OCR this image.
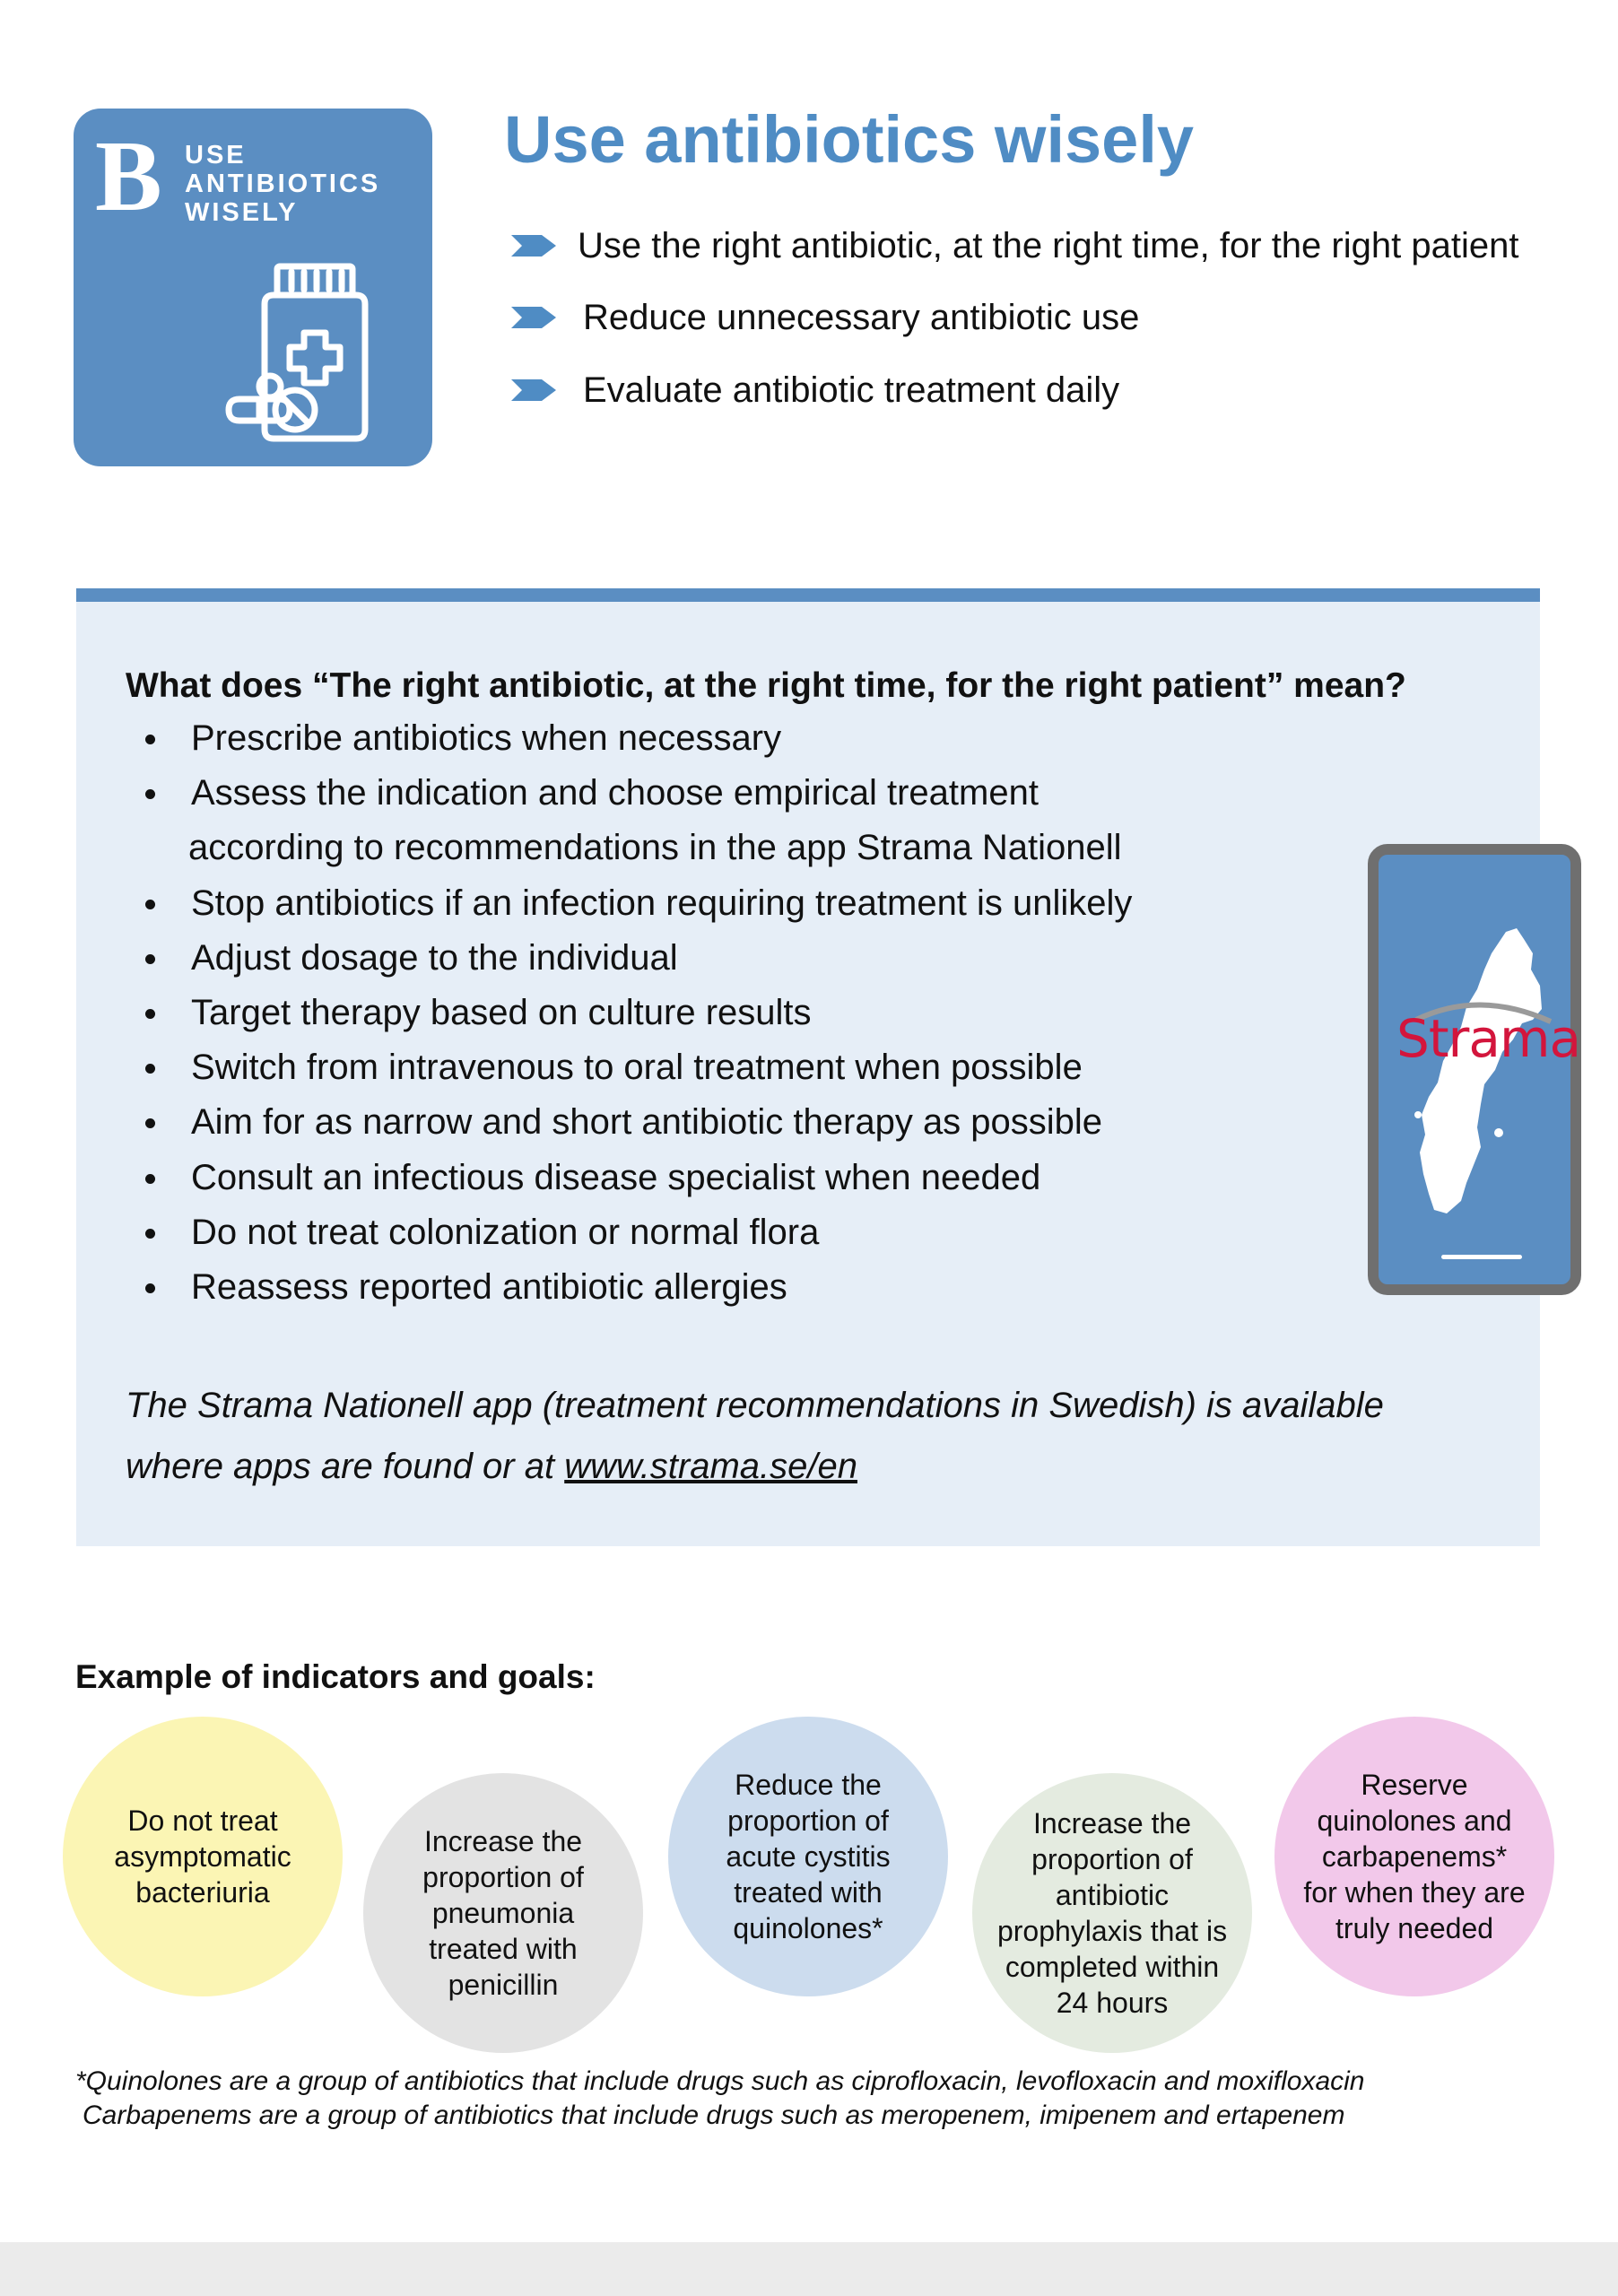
B USE
ANTIBIOTICS
WISELY
Use antibiotics wisely
Use the right antibiotic, at the right time, for the right patient
Reduce unnecessary antibiotic use
Evaluate antibiotic treatment daily
What does “The right antibiotic, at the right time, for the right patient” mean?
Prescribe antibiotics when necessary
Assess the indication and choose empirical treatment
according to recommendations in the app Strama Nationell
Stop antibiotics if an infection requiring treatment is unlikely
Adjust dosage to the individual
Target therapy based on culture results
Switch from intravenous to oral treatment when possible
Aim for as narrow and short antibiotic therapy as possible
Consult an infectious disease specialist when needed
Do not treat colonization or normal flora
Reassess reported antibiotic allergies
The Strama Nationell app (treatment recommendations in Swedish) is available
where apps are found or at www.strama.se/en
Strama
Example of indicators and goals:
Do not treat
asymptomatic
bacteriuria
Increase the
proportion of
pneumonia
treated with
penicillin
Reduce the
proportion of
acute cystitis
treated with
quinolones*
Increase the
proportion of
antibiotic
prophylaxis that is
completed within
24 hours
Reserve
quinolones and
carbapenems*
for when they are
truly needed
*Quinolones are a group of antibiotics that include drugs such as ciprofloxacin, levofloxacin and moxifloxacin
Carbapenems are a group of antibiotics that include drugs such as meropenem, imipenem and ertapenem
